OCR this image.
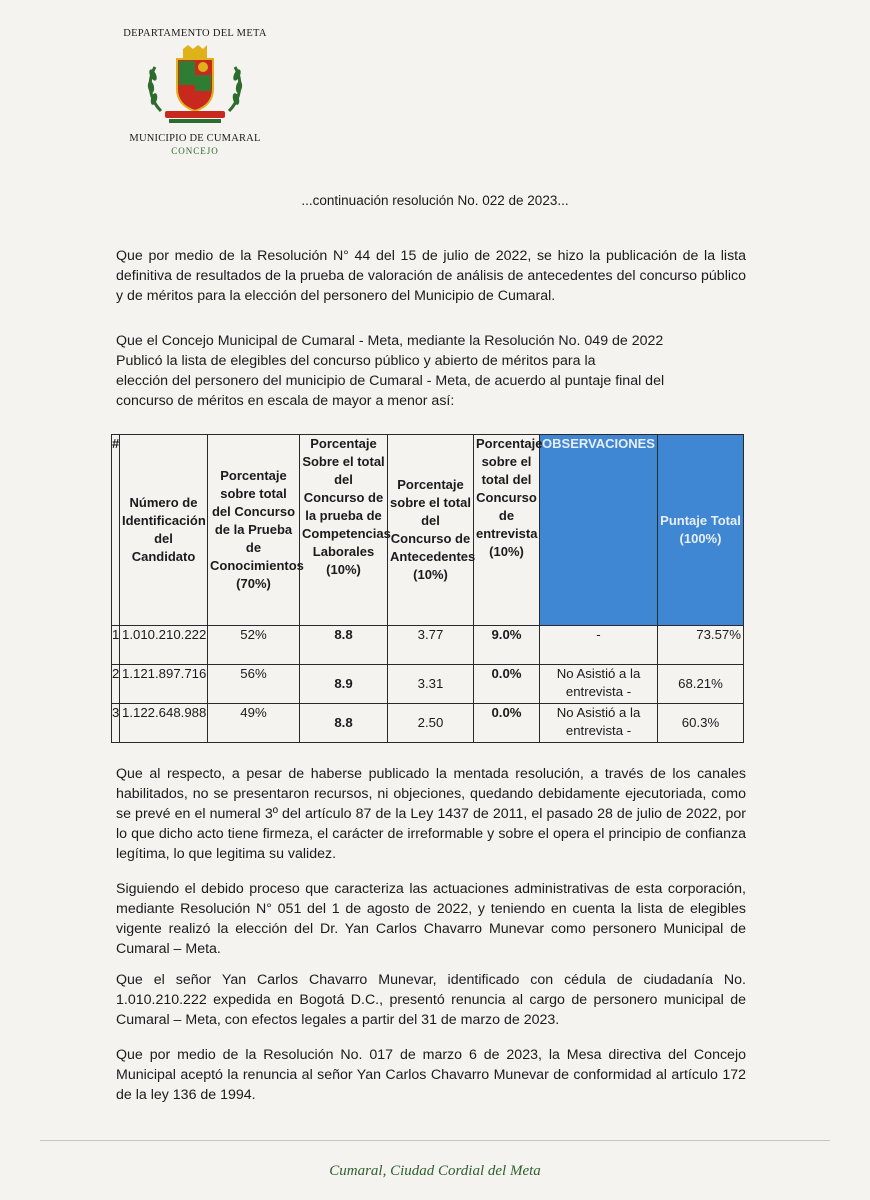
DEPARTAMENTO DEL META
MUNICIPIO DE CUMARAL
CONCEJO
...continuación resolución No. 022 de 2023...
Que por medio de la Resolución N° 44 del 15 de julio de 2022, se hizo la publicación de la lista definitiva de resultados de la prueba de valoración de análisis de antecedentes del concurso público y de méritos para la elección del personero del Municipio de Cumaral.
Que el Concejo Municipal de Cumaral - Meta, mediante la Resolución No. 049 de 2022
Publicó la lista de elegibles del concurso público y abierto de méritos para la
elección del personero del municipio de Cumaral - Meta, de acuerdo al puntaje final del
concurso de méritos en escala de mayor a menor así:
#	Número de Identificación del Candidato	Porcentaje sobre total del Concurso de la Prueba de Conocimientos (70%)	Porcentaje Sobre el total del Concurso de la prueba de Competencias Laborales (10%)	Porcentaje sobre el total del Concurso de Antecedentes (10%)	Porcentaje sobre el total del Concurso de entrevista (10%)	OBSERVACIONES	Puntaje Total (100%)
1	1.010.210.222	52%	8.8	3.77	9.0%	-	73.57%
2	1.121.897.716	56%	8.9	3.31	0.0%	No Asistió a la entrevista -	68.21%
3	1.122.648.988	49%	8.8	2.50	0.0%	No Asistió a la entrevista -	60.3%
Que al respecto, a pesar de haberse publicado la mentada resolución, a través de los canales habilitados, no se presentaron recursos, ni objeciones, quedando debidamente ejecutoriada, como se prevé en el numeral 3º del artículo 87 de la Ley 1437 de 2011, el pasado 28 de julio de 2022, por lo que dicho acto tiene firmeza, el carácter de irreformable y sobre el opera el principio de confianza legítima, lo que legitima su validez.
Siguiendo el debido proceso que caracteriza las actuaciones administrativas de esta corporación, mediante Resolución N° 051 del 1 de agosto de 2022, y teniendo en cuenta la lista de elegibles vigente realizó la elección del Dr. Yan Carlos Chavarro Munevar como personero Municipal de Cumaral – Meta.
Que el señor Yan Carlos Chavarro Munevar, identificado con cédula de ciudadanía No. 1.010.210.222 expedida en Bogotá D.C., presentó renuncia al cargo de personero municipal de Cumaral – Meta, con efectos legales a partir del 31 de marzo de 2023.
Que por medio de la Resolución No. 017 de marzo 6 de 2023, la Mesa directiva del Concejo Municipal aceptó la renuncia al señor Yan Carlos Chavarro Munevar de conformidad al artículo 172 de la ley 136 de 1994.
Cumaral, Ciudad Cordial del Meta
